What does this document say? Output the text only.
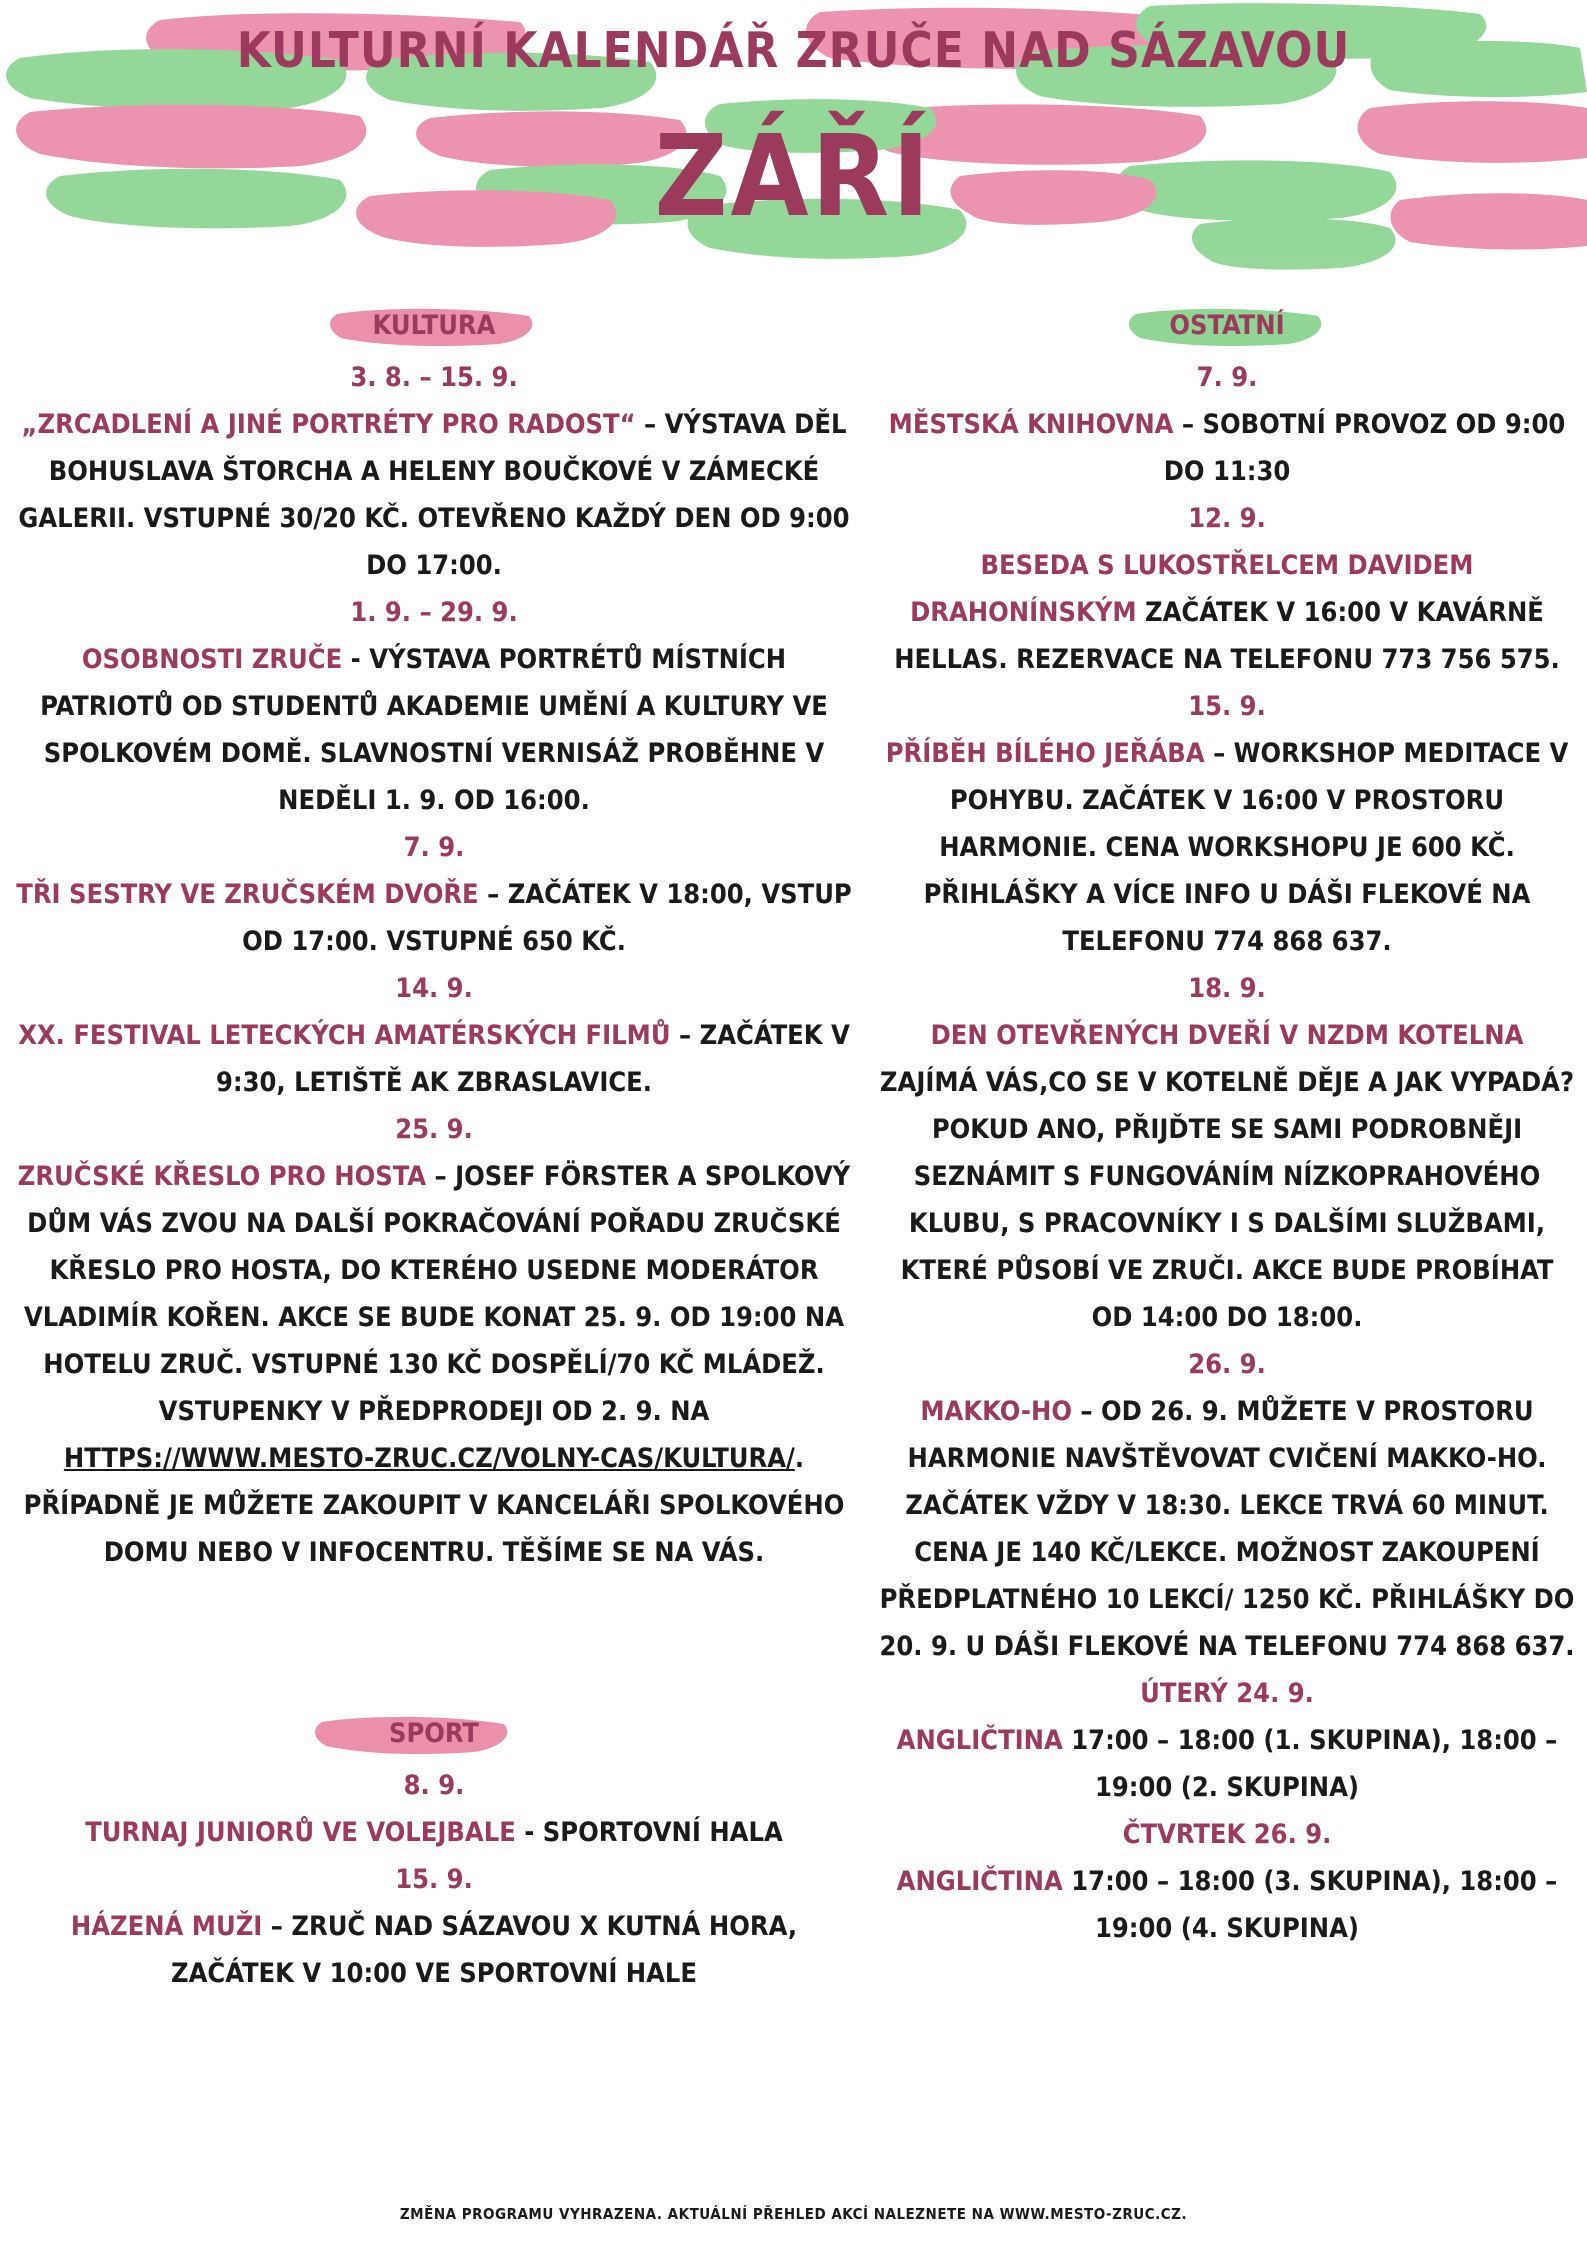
KULTURNÍ KALENDÁŘ ZRUČE NAD SÁZAVOU
ZÁŘÍ
KULTURA
3. 8. – 15. 9.
„ZRCADLENÍ A JINÉ PORTRÉTY PRO RADOST“ – VÝSTAVA DĚL BOHUSLAVA ŠTORCHA A HELENY BOUČKOVÉ V ZÁMECKÉ GALERII. VSTUPNÉ 30/20 KČ. OTEVŘENO KAŽDÝ DEN OD 9:00 DO 17:00.
1. 9. – 29. 9.
OSOBNOSTI ZRUČE - VÝSTAVA PORTRÉTŮ MÍSTNÍCH PATRIOTŮ OD STUDENTŮ AKADEMIE UMĚNÍ A KULTURY VE SPOLKOVÉM DOMĚ. SLAVNOSTNÍ VERNISÁŽ PROBĚHNE V NEDĚLI 1. 9. OD 16:00.
7. 9.
TŘI SESTRY VE ZRUČSKÉM DVOŘE – ZAČÁTEK V 18:00, VSTUP OD 17:00. VSTUPNÉ 650 KČ.
14. 9.
XX. FESTIVAL LETECKÝCH AMATÉRSKÝCH FILMŮ – ZAČÁTEK V 9:30, LETIŠTĚ AK ZBRASLAVICE.
25. 9.
ZRUČSKÉ KŘESLO PRO HOSTA – JOSEF FÖRSTER A SPOLKOVÝ DŮM VÁS ZVOU NA DALŠÍ POKRAČOVÁNÍ POŘADU ZRUČSKÉ KŘESLO PRO HOSTA, DO KTERÉHO USEDNE MODERÁTOR VLADIMÍR KOŘEN. AKCE SE BUDE KONAT 25. 9. OD 19:00 NA HOTELU ZRUČ. VSTUPNÉ 130 KČ DOSPĚLÍ/70 KČ MLÁDEŽ. VSTUPENKY V PŘEDPRODEJI OD 2. 9. NA HTTPS://WWW.MESTO-ZRUC.CZ/VOLNY-CAS/KULTURA/. PŘÍPADNĚ JE MŮŽETE ZAKOUPIT V KANCELÁŘI SPOLKOVÉHO DOMU NEBO V INFOCENTRU. TĚŠÍME SE NA VÁS.
SPORT
8. 9.
TURNAJ JUNIORŮ VE VOLEJBALE - SPORTOVNÍ HALA
15. 9.
HÁZENÁ MUŽI – ZRUČ NAD SÁZAVOU X KUTNÁ HORA, ZAČÁTEK V 10:00 VE SPORTOVNÍ HALE
OSTATNÍ
7. 9.
MĚSTSKÁ KNIHOVNA – SOBOTNÍ PROVOZ OD 9:00 DO 11:30
12. 9.
BESEDA S LUKOSTŘELCEM DAVIDEM DRAHONÍNSKÝM ZAČÁTEK V 16:00 V KAVÁRNĚ HELLAS. REZERVACE NA TELEFONU 773 756 575.
15. 9.
PŘÍBĚH BÍLÉHO JEŘÁBA – WORKSHOP MEDITACE V POHYBU. ZAČÁTEK V 16:00 V PROSTORU HARMONIE. CENA WORKSHOPU JE 600 KČ. PŘIHLÁŠKY A VÍCE INFO U DÁŠI FLEKOVÉ NA TELEFONU 774 868 637.
18. 9.
DEN OTEVŘENÝCH DVEŘÍ V NZDM KOTELNA ZAJÍMÁ VÁS,CO SE V KOTELNĚ DĚJE A JAK VYPADÁ? POKUD ANO, PŘIJĎTE SE SAMI PODROBNĚJI SEZNÁMIT S FUNGOVÁNÍM NÍZKOPRAHOVÉHO KLUBU, S PRACOVNÍKY I S DALŠÍMI SLUŽBAMI, KTERÉ PŮSOBÍ VE ZRUČI. AKCE BUDE PROBÍHAT OD 14:00 DO 18:00.
26. 9.
MAKKO-HO – OD 26. 9. MŮŽETE V PROSTORU HARMONIE NAVŠTĚVOVAT CVIČENÍ MAKKO-HO. ZAČÁTEK VŽDY V 18:30. LEKCE TRVÁ 60 MINUT. CENA JE 140 KČ/LEKCE. MOŽNOST ZAKOUPENÍ PŘEDPLATNÉHO 10 LEKCÍ/ 1250 KČ. PŘIHLÁŠKY DO 20. 9. U DÁŠI FLEKOVÉ NA TELEFONU 774 868 637.
ÚTERÝ 24. 9.
ANGLIČTINA 17:00 – 18:00 (1. SKUPINA), 18:00 – 19:00 (2. SKUPINA)
ČTVRTEK 26. 9.
ANGLIČTINA 17:00 – 18:00 (3. SKUPINA), 18:00 – 19:00 (4. SKUPINA)
ZMĚNA PROGRAMU VYHRAZENA. AKTUÁLNÍ PŘEHLED AKCÍ NALEZNETE NA WWW.MESTO-ZRUC.CZ.
